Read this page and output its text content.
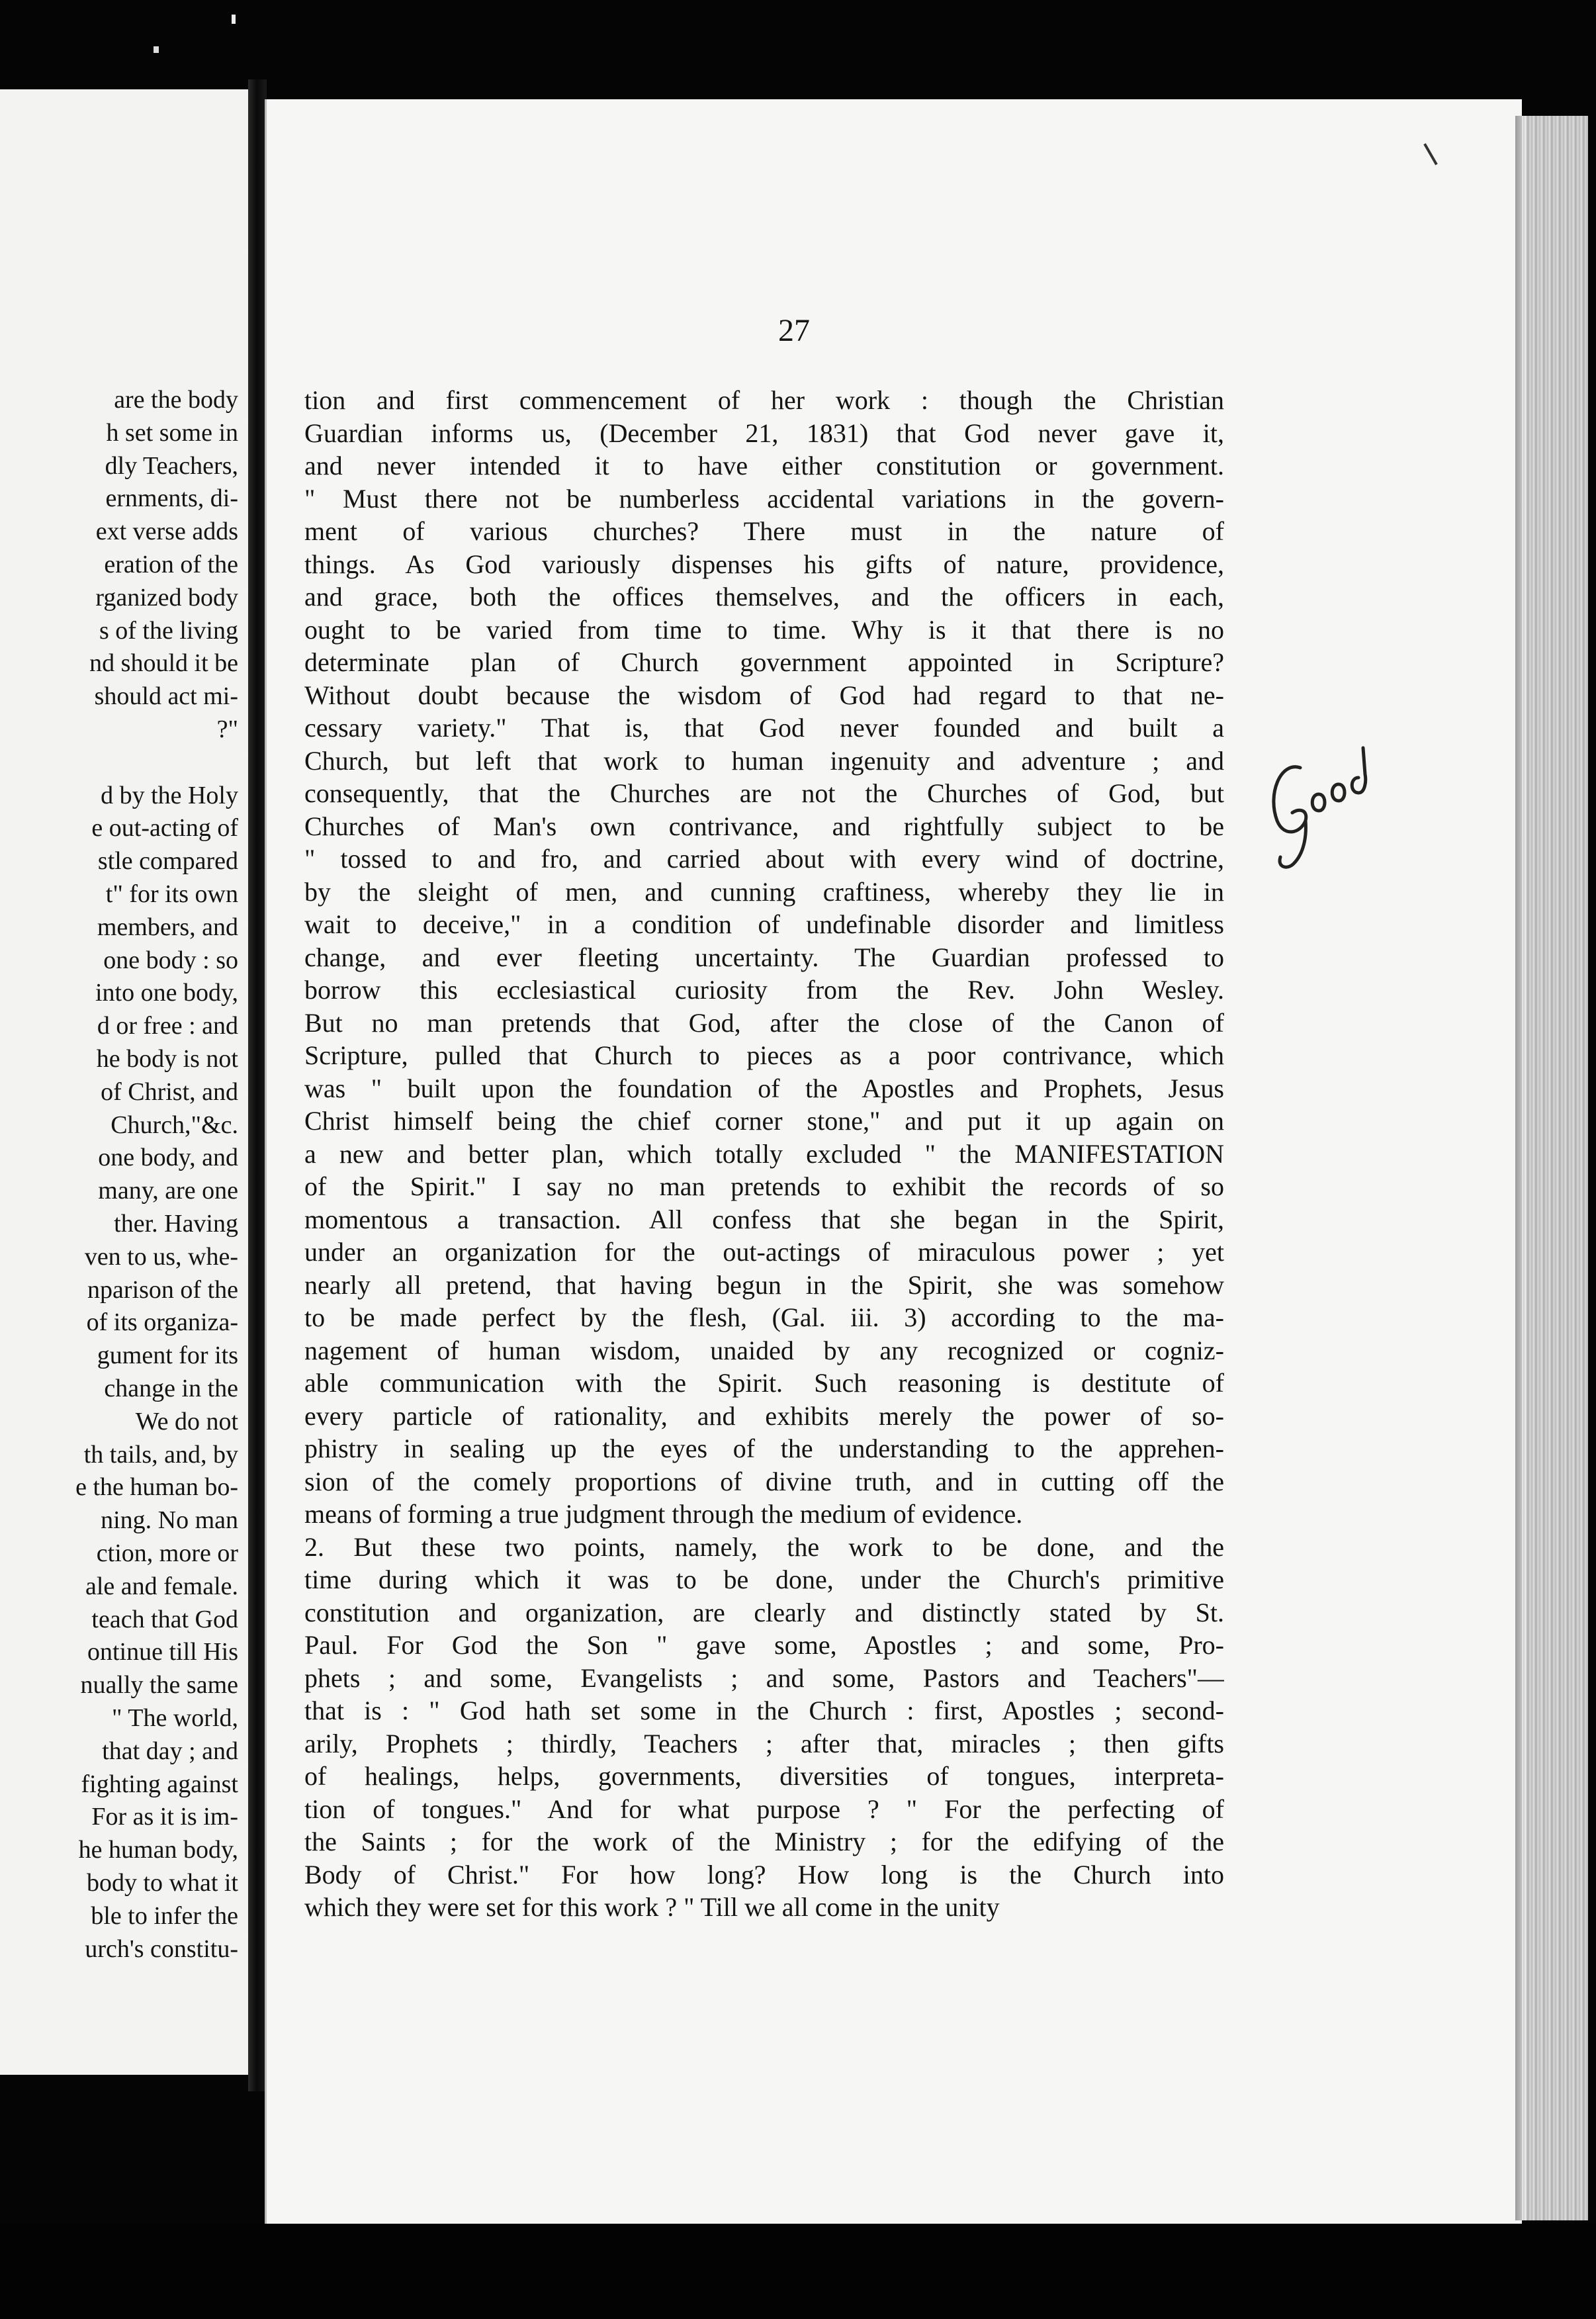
are the body
h set some in
dly Teachers,
ernments, di-
ext verse adds
eration of the
rganized body
s of the living
nd should it be
should act mi-
?"
d by the Holy
e out-acting of
stle compared
t" for its own
members, and
one body : so
into one body,
d or free : and
he body is not
of Christ, and
Church,"&c.
one body, and
many, are one
ther. Having
ven to us, whe-
nparison of the
of its organiza-
gument for its
change in the
We do not
th tails, and, by
e the human bo-
ning. No man
ction, more or
ale and female.
teach that God
ontinue till His
nually the same
" The world,
that day ; and
fighting against
For as it is im-
he human body,
body to what it
ble to infer the
urch's constitu-
27
tion and first commencement of her work : though the Christian
Guardian informs us, (December 21, 1831) that God never gave it,
and never intended it to have either constitution or government.
" Must there not be numberless accidental variations in the govern-
ment of various churches? There must in the nature of
things. As God variously dispenses his gifts of nature, providence,
and grace, both the offices themselves, and the officers in each,
ought to be varied from time to time. Why is it that there is no
determinate plan of Church government appointed in Scripture?
Without doubt because the wisdom of God had regard to that ne-
cessary variety." That is, that God never founded and built a
Church, but left that work to human ingenuity and adventure ; and
consequently, that the Churches are not the Churches of God, but
Churches of Man's own contrivance, and rightfully subject to be
" tossed to and fro, and carried about with every wind of doctrine,
by the sleight of men, and cunning craftiness, whereby they lie in
wait to deceive," in a condition of undefinable disorder and limitless
change, and ever fleeting uncertainty. The Guardian professed to
borrow this ecclesiastical curiosity from the Rev. John Wesley.
But no man pretends that God, after the close of the Canon of
Scripture, pulled that Church to pieces as a poor contrivance, which
was " built upon the foundation of the Apostles and Prophets, Jesus
Christ himself being the chief corner stone," and put it up again on
a new and better plan, which totally excluded " the MANIFESTATION
of the Spirit." I say no man pretends to exhibit the records of so
momentous a transaction. All confess that she began in the Spirit,
under an organization for the out-actings of miraculous power ; yet
nearly all pretend, that having begun in the Spirit, she was somehow
to be made perfect by the flesh, (Gal. iii. 3) according to the ma-
nagement of human wisdom, unaided by any recognized or cogniz-
able communication with the Spirit. Such reasoning is destitute of
every particle of rationality, and exhibits merely the power of so-
phistry in sealing up the eyes of the understanding to the apprehen-
sion of the comely proportions of divine truth, and in cutting off the
means of forming a true judgment through the medium of evidence.
2. But these two points, namely, the work to be done, and the
time during which it was to be done, under the Church's primitive
constitution and organization, are clearly and distinctly stated by St.
Paul. For God the Son " gave some, Apostles ; and some, Pro-
phets ; and some, Evangelists ; and some, Pastors and Teachers"—
that is : " God hath set some in the Church : first, Apostles ; second-
arily, Prophets ; thirdly, Teachers ; after that, miracles ; then gifts
of healings, helps, governments, diversities of tongues, interpreta-
tion of tongues." And for what purpose ? " For the perfecting of
the Saints ; for the work of the Ministry ; for the edifying of the
Body of Christ." For how long? How long is the Church into
which they were set for this work ? " Till we all come in the unity
